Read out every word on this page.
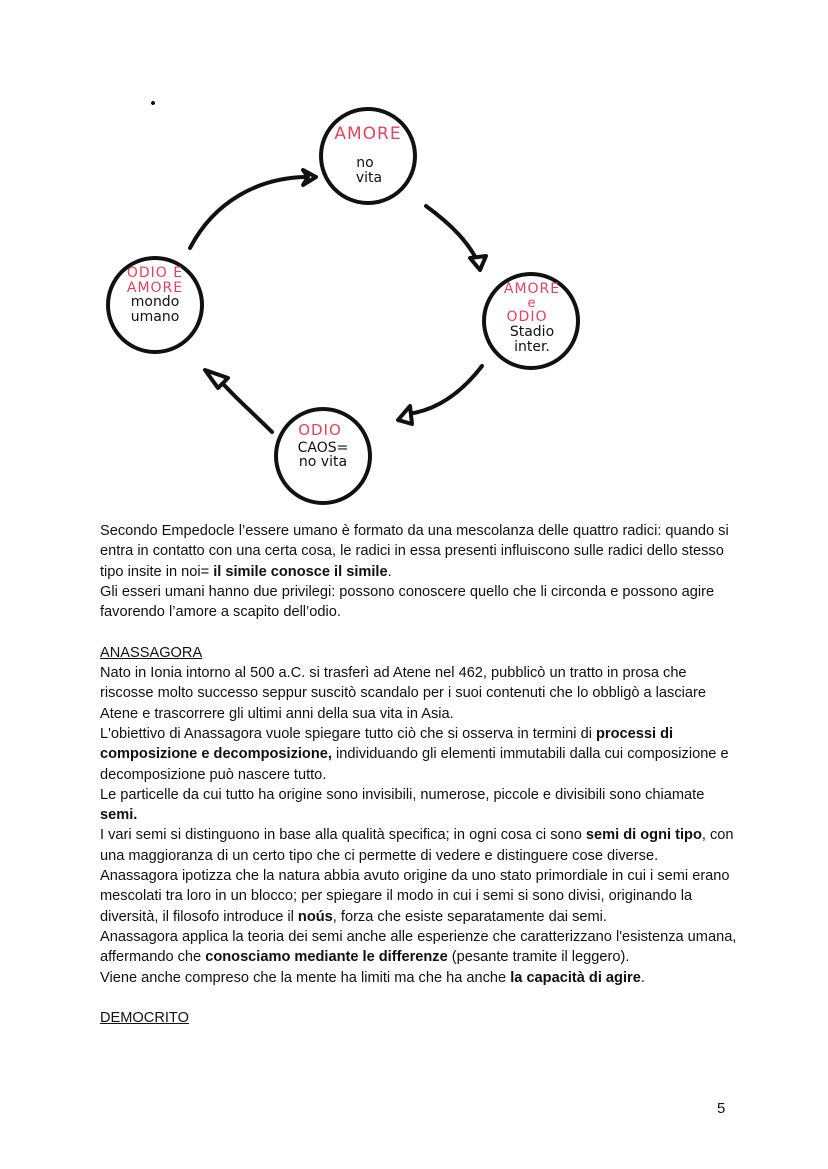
AMORE
no
vita
ODIO E
AMORE
mondo
umano
AMORE
e
ODIO
Stadio
inter.
ODIO
CAOS=
no vita

Secondo Empedocle l’essere umano è formato da una mescolanza delle quattro radici: quando si entra in contatto con una certa cosa, le radici in essa presenti influiscono sulle radici dello stesso tipo insite in noi= il simile conosce il simile.

Gli esseri umani hanno due privilegi: possono conoscere quello che li circonda e possono agire favorendo l’amore a scapito dell’odio.

ANASSAGORA

Nato in Ionia intorno al 500 a.C. si trasferì ad Atene nel 462, pubblicò un tratto in prosa che riscosse molto successo seppur suscitò scandalo per i suoi contenuti che lo obbligò a lasciare Atene e trascorrere gli ultimi anni della sua vita in Asia.

L'obiettivo di Anassagora vuole spiegare tutto ciò che si osserva in termini di processi di composizione e decomposizione, individuando gli elementi immutabili dalla cui composizione e decomposizione può nascere tutto.

Le particelle da cui tutto ha origine sono invisibili, numerose, piccole e divisibili sono chiamate semi.

I vari semi si distinguono in base alla qualità specifica; in ogni cosa ci sono semi di ogni tipo, con una maggioranza di un certo tipo che ci permette di vedere e distinguere cose diverse.

Anassagora ipotizza che la natura abbia avuto origine da uno stato primordiale in cui i semi erano mescolati tra loro in un blocco; per spiegare il modo in cui i semi si sono divisi, originando la diversità, il filosofo introduce il noús, forza che esiste separatamente dai semi.

Anassagora applica la teoria dei semi anche alle esperienze che caratterizzano l'esistenza umana, affermando che conosciamo mediante le differenze (pesante tramite il leggero).

Viene anche compreso che la mente ha limiti ma che ha anche la capacità di agire.

DEMOCRITO

5
